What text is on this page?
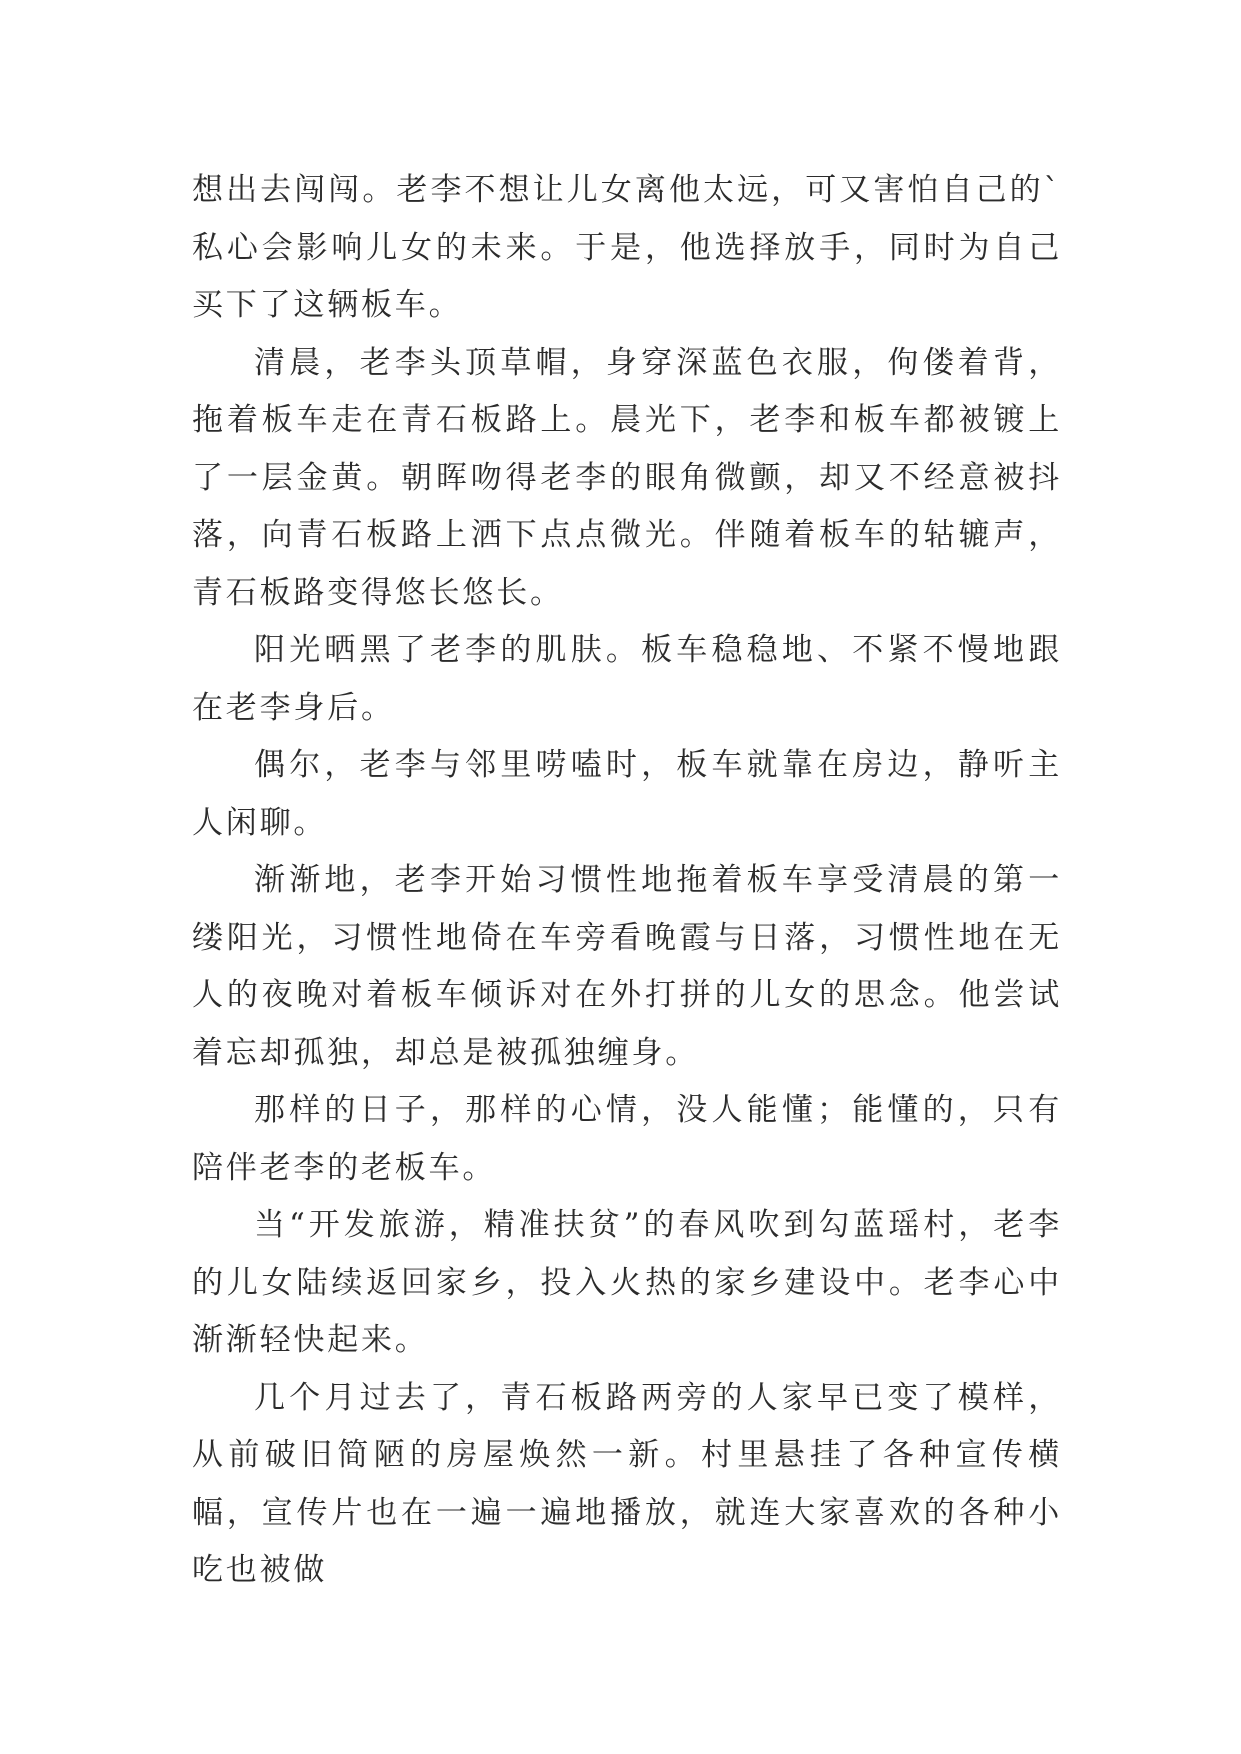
想出去闯闯。老李不想让儿女离他太远，可又害怕自己的`私心会影响儿女的未来。于是，他选择放手，同时为自己买下了这辆板车。

清晨，老李头顶草帽，身穿深蓝色衣服，佝偻着背，拖着板车走在青石板路上。晨光下，老李和板车都被镀上了一层金黄。朝晖吻得老李的眼角微颤，却又不经意被抖落，向青石板路上洒下点点微光。伴随着板车的轱辘声，青石板路变得悠长悠长。

阳光晒黑了老李的肌肤。板车稳稳地、不紧不慢地跟在老李身后。

偶尔，老李与邻里唠嗑时，板车就靠在房边，静听主人闲聊。

渐渐地，老李开始习惯性地拖着板车享受清晨的第一缕阳光，习惯性地倚在车旁看晚霞与日落，习惯性地在无人的夜晚对着板车倾诉对在外打拼的儿女的思念。他尝试着忘却孤独，却总是被孤独缠身。

那样的日子，那样的心情，没人能懂；能懂的，只有陪伴老李的老板车。

当“开发旅游，精准扶贫”的春风吹到勾蓝瑶村，老李的儿女陆续返回家乡，投入火热的家乡建设中。老李心中渐渐轻快起来。

几个月过去了，青石板路两旁的人家早已变了模样，从前破旧简陋的房屋焕然一新。村里悬挂了各种宣传横幅，宣传片也在一遍一遍地播放，就连大家喜欢的各种小吃也被做
